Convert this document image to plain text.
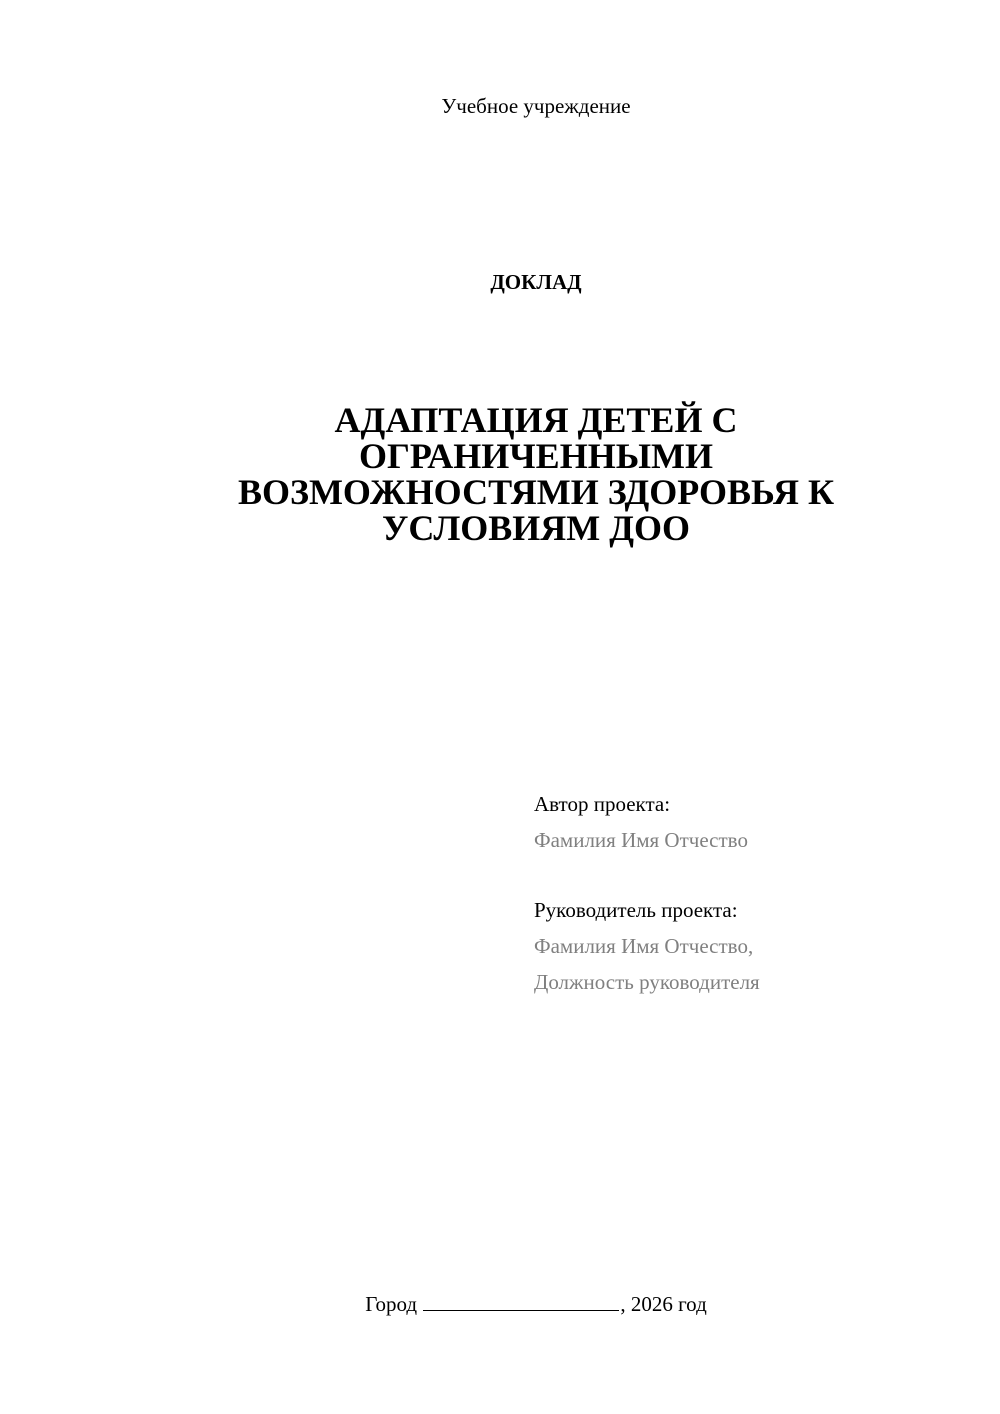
Учебное учреждение

ДОКЛАД

АДАПТАЦИЯ ДЕТЕЙ С
ОГРАНИЧЕННЫМИ
ВОЗМОЖНОСТЯМИ ЗДОРОВЬЯ К
УСЛОВИЯМ ДОО

Автор проекта:

Фамилия Имя Отчество

Руководитель проекта:

Фамилия Имя Отчество,

Должность руководителя

Город	, 2026 год
